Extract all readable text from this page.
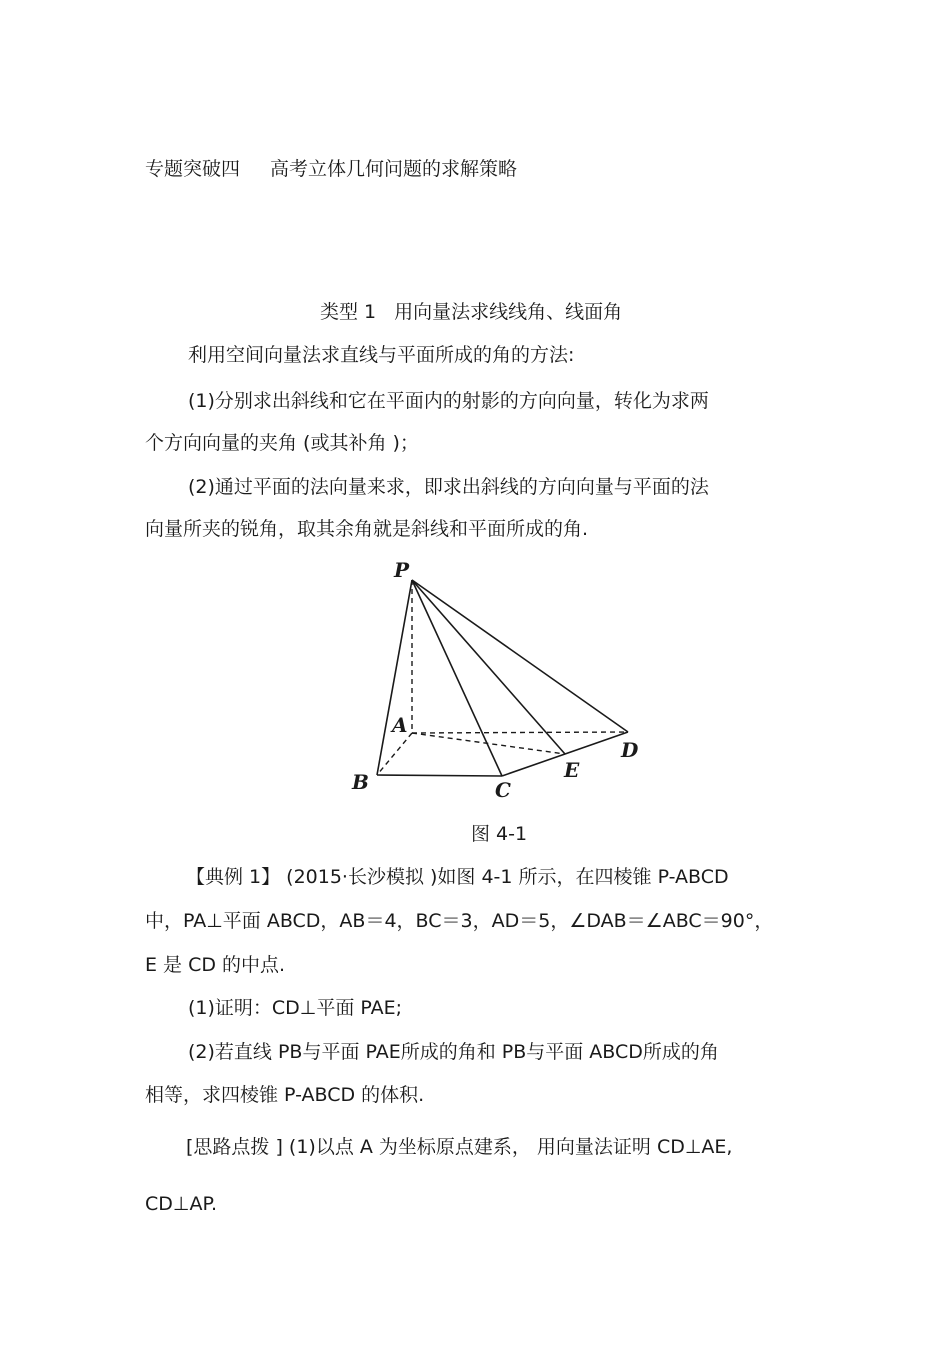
专题突破四 高考立体几何问题的求解策略
类型 1 用向量法求线线角、线面角
利用空间向量法求直线与平面所成的角的方法:
(1)分别求出斜线和它在平面内的射影的方向向量，转化为求两
个方向向量的夹角 (或其补角 )；
(2)通过平面的法向量来求，即求出斜线的方向向量与平面的法
向量所夹的锐角，取其余角就是斜线和平面所成的角.
P
A
B	C
D
E
图 4-1
【典例 1】 (2015·长沙模拟 )如图 4-1 所示，在四棱锥 P-ABCD
中，PA⊥平面 ABCD，AB＝4，BC＝3，AD＝5，∠DAB＝∠ABC＝90°，
E 是 CD 的中点.
(1)证明：CD⊥平面 PAE;
(2)若直线 PB与平面 PAE所成的角和 PB与平面 ABCD所成的角
相等，求四棱锥 P-ABCD 的体积.
[思路点拨 ] (1)以点 A 为坐标原点建系， 用向量法证明 CD⊥AE,
CD⊥AP.
